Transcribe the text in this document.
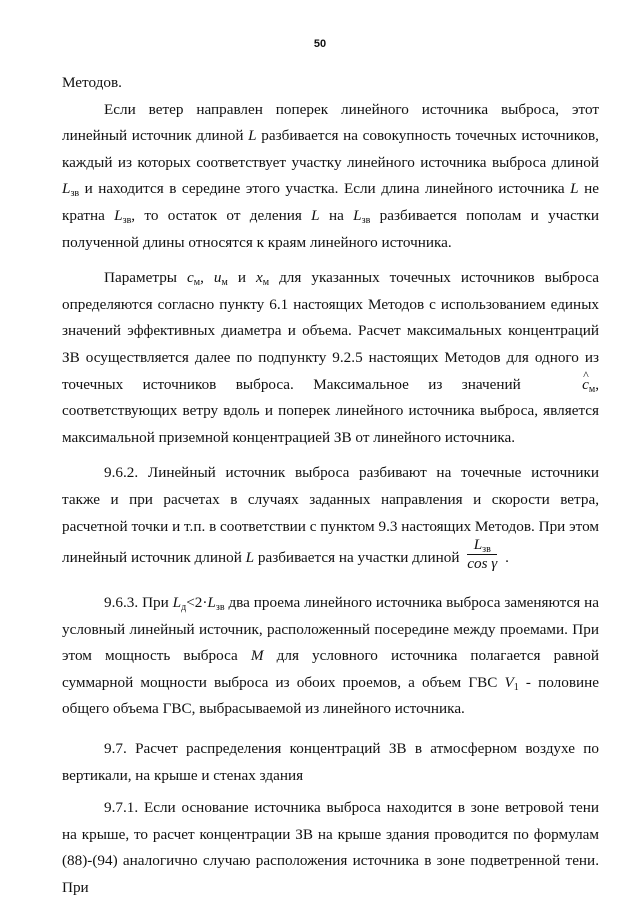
50

Методов.

Если ветер направлен поперек линейного источника выброса, этот линейный источник длиной L разбивается на совокупность точечных источников, каждый из которых соответствует участку линейного источника выброса длиной $L_{зв}$ и находится в середине этого участка. Если длина линейного источника L не кратна $L_{зв}$, то остаток от деления L на $L_{зв}$ разбивается пополам и участки полученной длины относятся к краям линейного источника.

Параметры $c_м$, $u_м$ и $x_м$ для указанных точечных источников выброса определяются согласно пункту 6.1 настоящих Методов с использованием единых значений эффективных диаметра и объема. Расчет максимальных концентраций ЗВ осуществляется далее по подпункту 9.2.5 настоящих Методов для одного из точечных источников выброса. Максимальное из значений ^	$c_м$, соответствующих ветру вдоль и поперек линейного источника выброса, является максимальной приземной концентрацией ЗВ от линейного источника.

9.6.2. Линейный источник выброса разбивают на точечные источники также и при расчетах в случаях заданных направления и скорости ветра, расчетной точки и т.п. в соответствии с пунктом 9.3 настоящих Методов. При этом линейный источник длиной L разбивается на участки длиной $\frac{L_{зв}}{\text{cos γ}}$ .

9.6.3. При $L_д<2\cdot L_{зв}$ два проема линейного источника выброса заменяются на условный линейный источник, расположенный посередине между проемами. При этом мощность выброса M для условного источника полагается равной суммарной мощности выброса из обоих проемов, а объем ГВС $V_1$ - половине общего объема ГВС, выбрасываемой из линейного источника.

9.7. Расчет распределения концентраций ЗВ в атмосферном воздухе по вертикали, на крыше и стенах здания

9.7.1. Если основание источника выброса находится в зоне ветровой тени на крыше, то расчет концентрации ЗВ на крыше здания проводится по формулам (88)-(94) аналогично случаю расположения источника в зоне подветренной тени. При
